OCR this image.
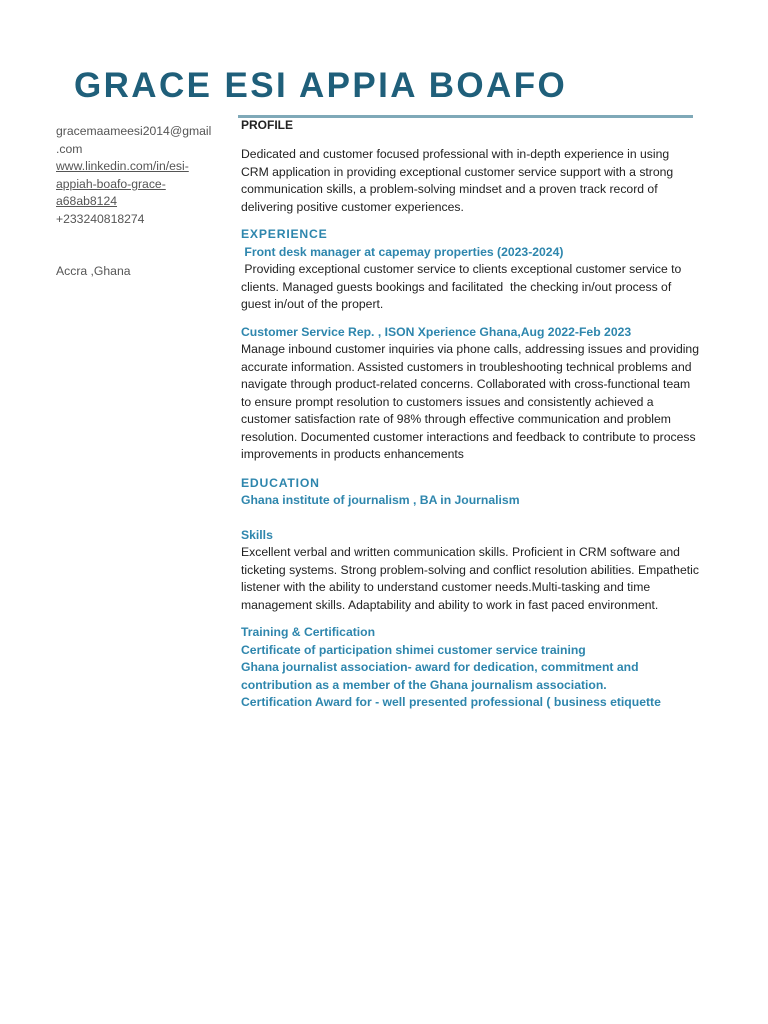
GRACE ESI APPIA BOAFO
gracemaameesi2014@gmail
.com
www.linkedin.com/in/esi-
appiah-boafo-grace-
a68ab8124
+233240818274
Accra ,Ghana
PROFILE

Dedicated and customer focused professional with in-depth experience in using CRM application in providing exceptional customer service support with a strong communication skills, a problem-solving mindset and a proven track record of delivering positive customer experiences.

EXPERIENCE

Front desk manager at capemay properties (2023-2024)

Providing exceptional customer service to clients exceptional customer service to clients. Managed guests bookings and facilitated  the checking in/out process of guest in/out of the propert.

Customer Service Rep. , ISON Xperience Ghana,Aug 2022-Feb 2023

Manage inbound customer inquiries via phone calls, addressing issues and providing accurate information. Assisted customers in troubleshooting technical problems and navigate through product-related concerns. Collaborated with cross-functional team to ensure prompt resolution to customers issues and consistently achieved a customer satisfaction rate of 98% through effective communication and problem resolution. Documented customer interactions and feedback to contribute to process improvements in products enhancements

EDUCATION

Ghana institute of journalism , BA in Journalism

Skills

Excellent verbal and written communication skills. Proficient in CRM software and ticketing systems. Strong problem-solving and conflict resolution abilities. Empathetic listener with the ability to understand customer needs.Multi-tasking and time management skills. Adaptability and ability to work in fast paced environment.

Training & Certification

Certificate of participation shimei customer service training

Ghana journalist association- award for dedication, commitment and contribution as a member of the Ghana journalism association.

Certification Award for - well presented professional ( business etiquette
